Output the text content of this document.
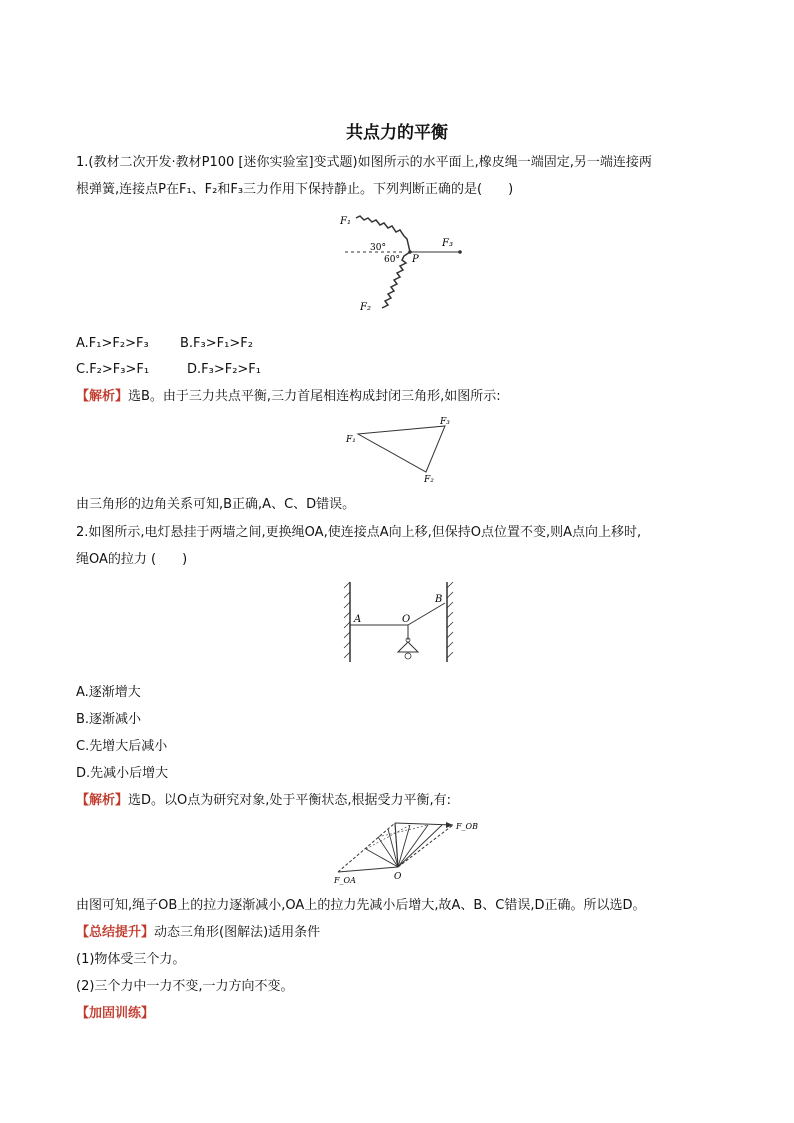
共点力的平衡
1.(教材二次开发·教材P100 [迷你实验室]变式题)如图所示的水平面上,橡皮绳一端固定,另一端连接两
根弹簧,连接点P在F₁、F₂和F₃三力作用下保持静止。下列判断正确的是(　　)
F₁
F₃
F₂
P
30°
60°
A.F₁>F₂>F₃ B.F₃>F₁>F₂
C.F₂>F₃>F₁	D.F₃>F₂>F₁
【解析】选B。由于三力共点平衡,三力首尾相连构成封闭三角形,如图所示:
F₁
F₃
F₂
由三角形的边角关系可知,B正确,A、C、D错误。
2.如图所示,电灯悬挂于两墙之间,更换绳OA,使连接点A向上移,但保持O点位置不变,则A点向上移时,
绳OA的拉力 (　　)
A	O
B
A.逐渐增大
B.逐渐减小
C.先增大后减小
D.先减小后增大
【解析】选D。以O点为研究对象,处于平衡状态,根据受力平衡,有:
F_OB
F_OA	O
由图可知,绳子OB上的拉力逐渐减小,OA上的拉力先减小后增大,故A、B、C错误,D正确。所以选D。
【总结提升】动态三角形(图解法)适用条件
(1)物体受三个力。
(2)三个力中一力不变,一力方向不变。
【加固训练】
